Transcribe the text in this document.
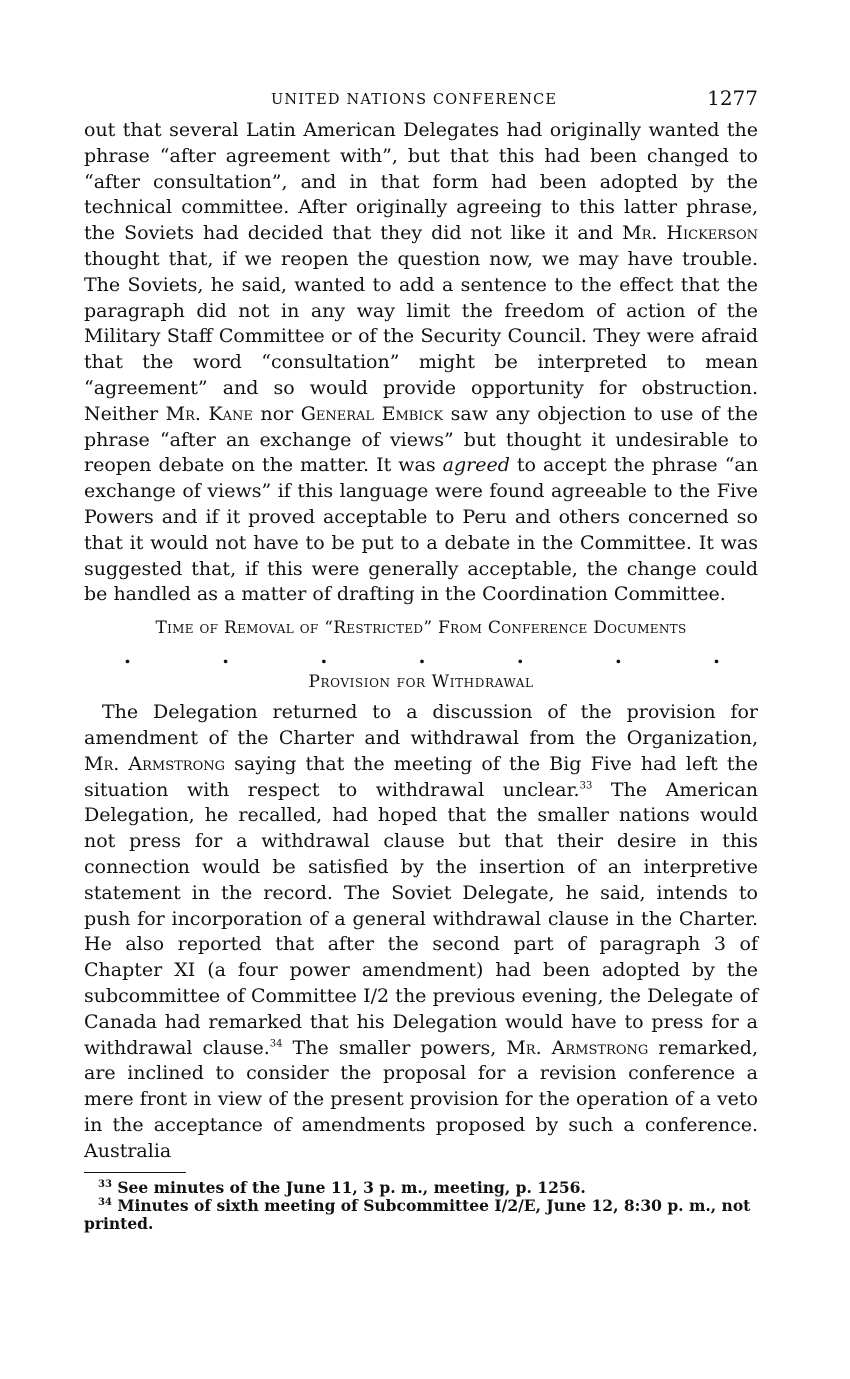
UNITED NATIONS CONFERENCE	1277

out that several Latin American Delegates had originally wanted the phrase “after agreement with”, but that this had been changed to “after consultation”, and in that form had been adopted by the technical committee. After originally agreeing to this latter phrase, the Soviets had decided that they did not like it and Mr. Hickerson thought that, if we reopen the question now, we may have trouble. The Soviets, he said, wanted to add a sentence to the effect that the paragraph did not in any way limit the freedom of action of the Military Staff Committee or of the Security Council. They were afraid that the word “consultation” might be interpreted to mean “agreement” and so would provide opportunity for obstruction. Neither Mr. Kane nor General Embick saw any objection to use of the phrase “after an exchange of views” but thought it undesirable to reopen debate on the matter. It was agreed to accept the phrase “an exchange of views” if this language were found agreeable to the Five Powers and if it proved acceptable to Peru and others concerned so that it would not have to be put to a debate in the Committee. It was suggested that, if this were generally acceptable, the change could be handled as a matter of drafting in the Coordination Committee.

Time of Removal of “Restricted” From Conference Documents

.	.	.	.	.	.	.

Provision for Withdrawal

The Delegation returned to a discussion of the provision for amendment of the Charter and withdrawal from the Organization, Mr. Armstrong saying that the meeting of the Big Five had left the situation with respect to withdrawal unclear.$^{33}$ The American Delegation, he recalled, had hoped that the smaller nations would not press for a withdrawal clause but that their desire in this connection would be satisfied by the insertion of an interpretive statement in the record. The Soviet Delegate, he said, intends to push for incorporation of a general withdrawal clause in the Charter. He also reported that after the second part of paragraph 3 of Chapter XI (a four power amendment) had been adopted by the subcommittee of Committee I/2 the previous evening, the Delegate of Canada had remarked that his Delegation would have to press for a withdrawal clause.$^{34}$ The smaller powers, Mr. Armstrong remarked, are inclined to consider the proposal for a revision conference a mere front in view of the present provision for the operation of a veto in the acceptance of amendments proposed by such a conference. Australia

$^{33}$ See minutes of the June 11, 3 p. m., meeting, p. 1256.

$^{34}$ Minutes of sixth meeting of Subcommittee I/2/E, June 12, 8:30 p. m., not printed.
